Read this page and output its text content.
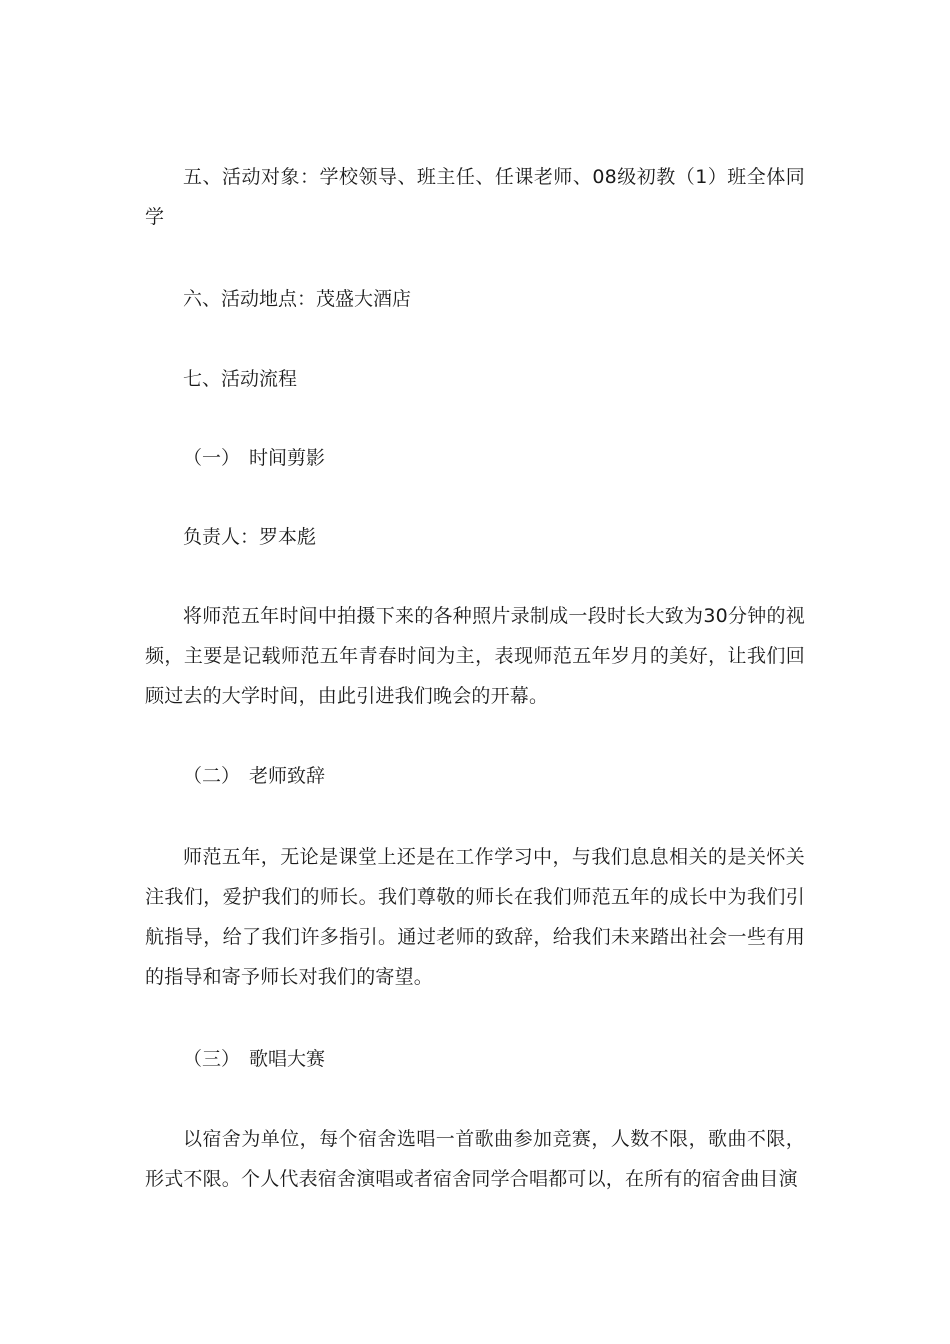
五、活动对象：学校领导、班主任、任课老师、08级初教（1）班全体同学

六、活动地点：茂盛大酒店

七、活动流程

（一） 时间剪影

负责人：罗本彪

将师范五年时间中拍摄下来的各种照片录制成一段时长大致为30分钟的视频，主要是记载师范五年青春时间为主，表现师范五年岁月的美好，让我们回顾过去的大学时间，由此引进我们晚会的开幕。

（二） 老师致辞

师范五年，无论是课堂上还是在工作学习中，与我们息息相关的是关怀关注我们，爱护我们的师长。我们尊敬的师长在我们师范五年的成长中为我们引航指导，给了我们许多指引。通过老师的致辞，给我们未来踏出社会一些有用的指导和寄予师长对我们的寄望。

（三） 歌唱大赛

以宿舍为单位，每个宿舍选唱一首歌曲参加竞赛，人数不限，歌曲不限，形式不限。个人代表宿舍演唱或者宿舍同学合唱都可以，在所有的宿舍曲目演
